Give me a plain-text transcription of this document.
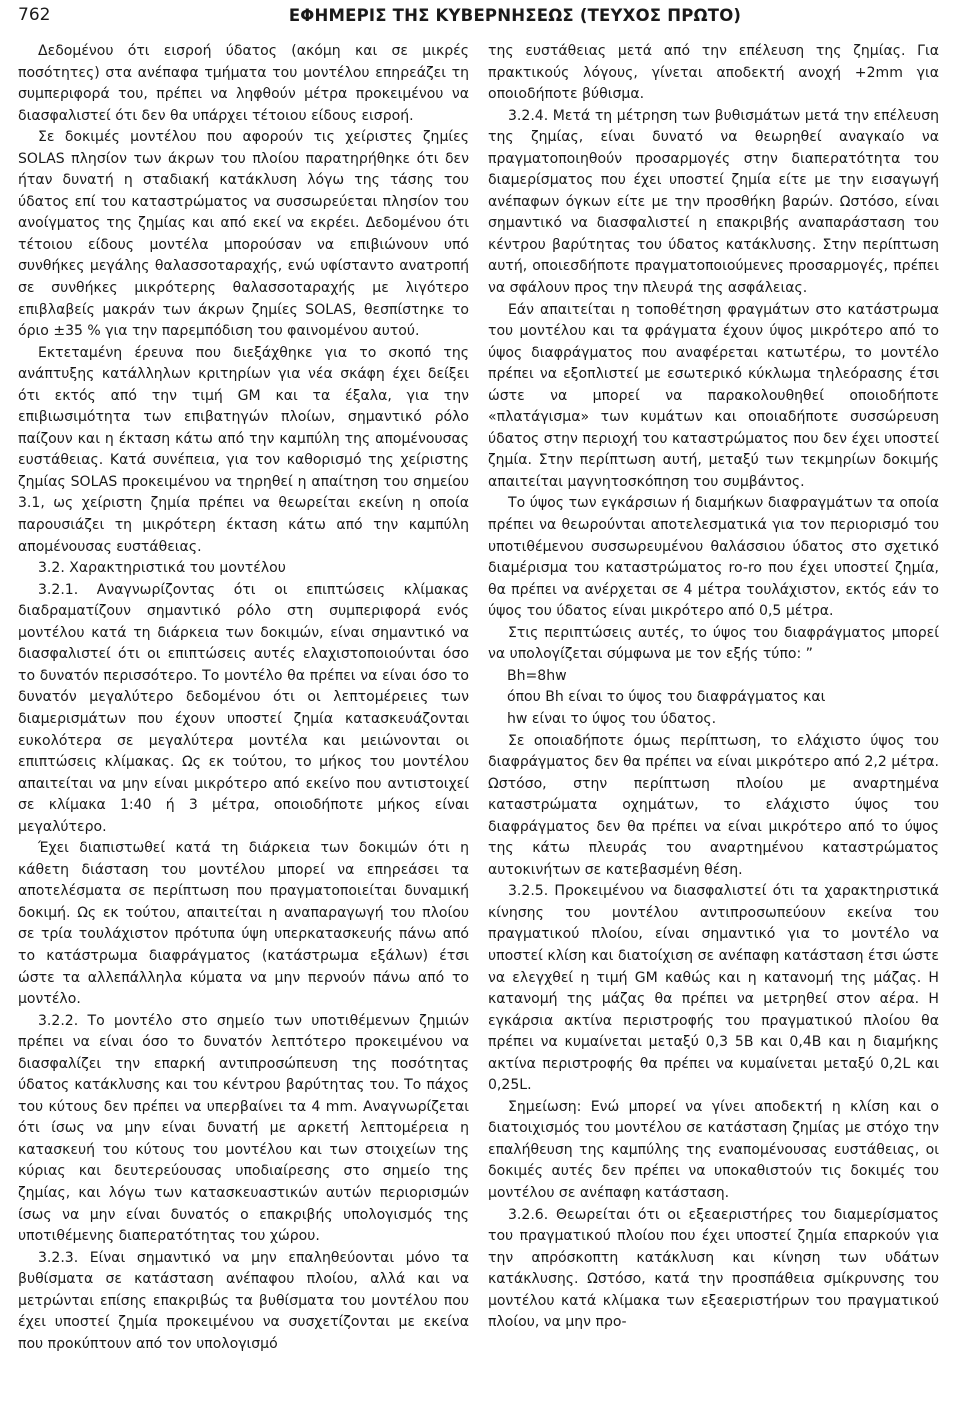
762	ΕΦΗΜΕΡΙΣ ΤΗΣ ΚΥΒΕΡΝΗΣΕΩΣ (ΤΕΥΧΟΣ ΠΡΩΤΟ)

Δεδομένου ότι εισροή ύδατος (ακόμη και σε μικρές ποσότητες) στα ανέπαφα τμήματα του μοντέλου επηρεάζει τη συμπεριφορά του, πρέπει να ληφθούν μέτρα προκειμένου να διασφαλιστεί ότι δεν θα υπάρχει τέτοιου είδους εισροή.

Σε δοκιμές μοντέλου που αφορούν τις χείριστες ζημίες SOLAS πλησίον των άκρων του πλοίου παρατηρήθηκε ότι δεν ήταν δυνατή η σταδιακή κατάκλυση λόγω της τάσης του ύδατος επί του καταστρώματος να συσσωρεύεται πλησίον του ανοίγματος της ζημίας και από εκεί να εκρέει. Δεδομένου ότι τέτοιου είδους μοντέλα μπορούσαν να επιβιώνουν υπό συνθήκες μεγάλης θαλασσοταραχής, ενώ υφίσταντο ανατροπή σε συνθήκες μικρότερης θαλασσοταραχής με λιγότερο επιβλαβείς μακράν των άκρων ζημίες SOLAS, θεσπίστηκε το όριο ±35 % για την παρεμπόδιση του φαινομένου αυτού.

Εκτεταμένη έρευνα που διεξάχθηκε για το σκοπό της ανάπτυξης κατάλληλων κριτηρίων για νέα σκάφη έχει δείξει ότι εκτός από την τιμή GM και τα έξαλα, για την επιβιωσιμότητα των επιβατηγών πλοίων, σημαντικό ρόλο παίζουν και η έκταση κάτω από την καμπύλη της απομένουσας ευστάθειας. Κατά συνέπεια, για τον καθορισμό της χείριστης ζημίας SOLAS προκειμένου να τηρηθεί η απαίτηση του σημείου 3.1, ως χείριστη ζημία πρέπει να θεωρείται εκείνη η οποία παρουσιάζει τη μικρότερη έκταση κάτω από την καμπύλη απομένουσας ευστάθειας.

3.2. Χαρακτηριστικά του μοντέλου

3.2.1. Αναγνωρίζοντας ότι οι επιπτώσεις κλίμακας διαδραματίζουν σημαντικό ρόλο στη συμπεριφορά ενός μοντέλου κατά τη διάρκεια των δοκιμών, είναι σημαντικό να διασφαλιστεί ότι οι επιπτώσεις αυτές ελαχιστοποιούνται όσο το δυνατόν περισσότερο. Το μοντέλο θα πρέπει να είναι όσο το δυνατόν μεγαλύτερο δεδομένου ότι οι λεπτομέρειες των διαμερισμάτων που έχουν υποστεί ζημία κατασκευάζονται ευκολότερα σε μεγαλύτερα μοντέλα και μειώνονται οι επιπτώσεις κλίμακας. Ως εκ τούτου, το μήκος του μοντέλου απαιτείται να μην είναι μικρότερο από εκείνο που αντιστοιχεί σε κλίμακα 1:40 ή 3 μέτρα, οποιοδήποτε μήκος είναι μεγαλύτερο.

Έχει διαπιστωθεί κατά τη διάρκεια των δοκιμών ότι η κάθετη διάσταση του μοντέλου μπορεί να επηρεάσει τα αποτελέσματα σε περίπτωση που πραγματοποιείται δυναμική δοκιμή. Ως εκ τούτου, απαιτείται η αναπαραγωγή του πλοίου σε τρία τουλάχιστον πρότυπα ύψη υπερκατασκευής πάνω από το κατάστρωμα διαφράγματος (κατάστρωμα εξάλων) έτσι ώστε τα αλλεπάλληλα κύματα να μην περνούν πάνω από το μοντέλο.

3.2.2. Το μοντέλο στο σημείο των υποτιθέμενων ζημιών πρέπει να είναι όσο το δυνατόν λεπτότερο προκειμένου να διασφαλίζει την επαρκή αντιπροσώπευση της ποσότητας ύδατος κατάκλυσης και του κέντρου βαρύτητας του. Το πάχος του κύτους δεν πρέπει να υπερβαίνει τα 4 mm. Αναγνωρίζεται ότι ίσως να μην είναι δυνατή με αρκετή λεπτομέρεια η κατασκευή του κύτους του μοντέλου και των στοιχείων της κύριας και δευτερεύουσας υποδιαίρεσης στο σημείο της ζημίας, και λόγω των κατασκευαστικών αυτών περιορισμών ίσως να μην είναι δυνατός ο επακριβής υπολογισμός της υποτιθέμενης διαπερατότητας του χώρου.

3.2.3. Είναι σημαντικό να μην επαληθεύονται μόνο τα βυθίσματα σε κατάσταση ανέπαφου πλοίου, αλλά και να μετρώνται επίσης επακριβώς τα βυθίσματα του μοντέλου που έχει υποστεί ζημία προκειμένου να συσχετίζονται με εκείνα που προκύπτουν από τον υπολογισμό

της ευστάθειας μετά από την επέλευση της ζημίας. Για πρακτικούς λόγους, γίνεται αποδεκτή ανοχή +2mm για οποιοδήποτε βύθισμα.

3.2.4. Μετά τη μέτρηση των βυθισμάτων μετά την επέλευση της ζημίας, είναι δυνατό να θεωρηθεί αναγκαίο να πραγματοποιηθούν προσαρμογές στην διαπερατότητα του διαμερίσματος που έχει υποστεί ζημία είτε με την εισαγωγή ανέπαφων όγκων είτε με την προσθήκη βαρών. Ωστόσο, είναι σημαντικό να διασφαλιστεί η επακριβής αναπαράσταση του κέντρου βαρύτητας του ύδατος κατάκλυσης. Στην περίπτωση αυτή, οποιεσδήποτε πραγματοποιούμενες προσαρμογές, πρέπει να σφάλουν προς την πλευρά της ασφάλειας.

Εάν απαιτείται η τοποθέτηση φραγμάτων στο κατάστρωμα του μοντέλου και τα φράγματα έχουν ύψος μικρότερο από το ύψος διαφράγματος που αναφέρεται κατωτέρω, το μοντέλο πρέπει να εξοπλιστεί με εσωτερικό κύκλωμα τηλεόρασης έτσι ώστε να μπορεί να παρακολουθηθεί οποιοδήποτε «πλατάγισμα» των κυμάτων και οποιαδήποτε συσσώρευση ύδατος στην περιοχή του καταστρώματος που δεν έχει υποστεί ζημία. Στην περίπτωση αυτή, μεταξύ των τεκμηρίων δοκιμής απαιτείται μαγνητοσκόπηση του συμβάντος.

Το ύψος των εγκάρσιων ή διαμήκων διαφραγμάτων τα οποία πρέπει να θεωρούνται αποτελεσματικά για τον περιορισμό του υποτιθέμενου συσσωρευμένου θαλάσσιου ύδατος στο σχετικό διαμέρισμα του καταστρώματος ro-ro που έχει υποστεί ζημία, θα πρέπει να ανέρχεται σε 4 μέτρα τουλάχιστον, εκτός εάν το ύψος του ύδατος είναι μικρότερο από 0,5 μέτρα.

Στις περιπτώσεις αυτές, το ύψος του διαφράγματος μπορεί να υπολογίζεται σύμφωνα με τον εξής τύπο: ”

Bh=8hw

όπου Bh είναι το ύψος του διαφράγματος και

hw είναι το ύψος του ύδατος.

Σε οποιαδήποτε όμως περίπτωση, το ελάχιστο ύψος του διαφράγματος δεν θα πρέπει να είναι μικρότερο από 2,2 μέτρα. Ωστόσο, στην περίπτωση πλοίου με αναρτημένα καταστρώματα οχημάτων, το ελάχιστο ύψος του διαφράγματος δεν θα πρέπει να είναι μικρότερο από το ύψος της κάτω πλευράς του αναρτημένου καταστρώματος αυτοκινήτων σε κατεβασμένη θέση.

3.2.5. Προκειμένου να διασφαλιστεί ότι τα χαρακτηριστικά κίνησης του μοντέλου αντιπροσωπεύουν εκείνα του πραγματικού πλοίου, είναι σημαντικό για το μοντέλο να υποστεί κλίση και διατοίχιση σε ανέπαφη κατάσταση έτσι ώστε να ελεγχθεί η τιμή GM καθώς και η κατανομή της μάζας. Η κατανομή της μάζας θα πρέπει να μετρηθεί στον αέρα. Η εγκάρσια ακτίνα περιστροφής του πραγματικού πλοίου θα πρέπει να κυμαίνεται μεταξύ 0,3 5B και 0,4B και η διαμήκης ακτίνα περιστροφής θα πρέπει να κυμαίνεται μεταξύ 0,2L και 0,25L.

Σημείωση: Ενώ μπορεί να γίνει αποδεκτή η κλίση και ο διατοιχισμός του μοντέλου σε κατάσταση ζημίας με στόχο την επαλήθευση της καμπύλης της εναπομένουσας ευστάθειας, οι δοκιμές αυτές δεν πρέπει να υποκαθιστούν τις δοκιμές του μοντέλου σε ανέπαφη κατάσταση.

3.2.6. Θεωρείται ότι οι εξεαεριστήρες του διαμερίσματος του πραγματικού πλοίου που έχει υποστεί ζημία επαρκούν για την απρόσκοπτη κατάκλυση και κίνηση των υδάτων κατάκλυσης. Ωστόσο, κατά την προσπάθεια σμίκρυνσης του μοντέλου κατά κλίμακα των εξεαεριστήρων του πραγματικού πλοίου, να μην προ-
